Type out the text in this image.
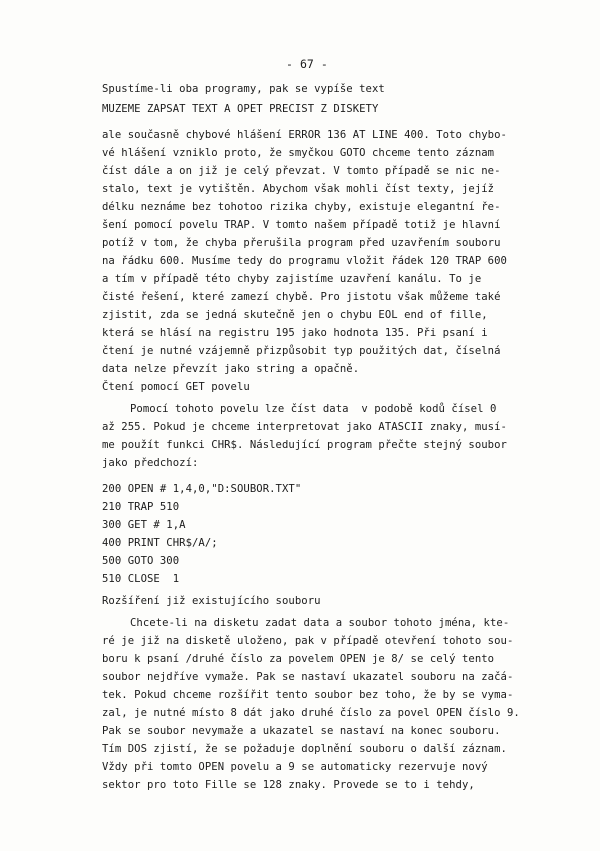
- 67 -
Spustíme-li oba programy, pak se vypíše text
MUZEME ZAPSAT TEXT A OPET PRECIST Z DISKETY
ale současně chybové hlášení ERROR 136 AT LINE 400. Toto chybo-
vé hlášení vzniklo proto, že smyčkou GOTO chceme tento záznam
číst dále a on již je celý převzat. V tomto případě se nic ne-
stalo, text je vytištěn. Abychom však mohli číst texty, jejíž
délku neznáme bez tohotoo rizika chyby, existuje elegantní ře-
šení pomocí povelu TRAP. V tomto našem případě totiž je hlavní
potíž v tom, že chyba přerušila program před uzavřením souboru
na řádku 600. Musíme tedy do programu vložit řádek 120 TRAP 600
a tím v případě této chyby zajistíme uzavření kanálu. To je
čisté řešení, které zamezí chybě. Pro jistotu však můžeme také
zjistit, zda se jedná skutečně jen o chybu EOL end of fille,
která se hlásí na registru 195 jako hodnota 135. Při psaní i
čtení je nutné vzájemně přizpůsobit typ použitých dat, číselná
data nelze převzít jako string a opačně.
Čtení pomocí GET povelu
Pomocí tohoto povelu lze číst data  v podobě kodů čísel 0
až 255. Pokud je chceme interpretovat jako ATASCII znaky, musí-
me použít funkci CHR$. Následující program přečte stejný soubor
jako předchozí:
200 OPEN # 1,4,0,"D:SOUBOR.TXT"
210 TRAP 510
300 GET # 1,A
400 PRINT CHR$/A/;
500 GOTO 300
510 CLOSE  1
Rozšíření již existujícího souboru
Chcete-li na disketu zadat data a soubor tohoto jména, kte-
ré je již na disketě uloženo, pak v případě otevření tohoto sou-
boru k psaní /druhé číslo za povelem OPEN je 8/ se celý tento
soubor nejdříve vymaže. Pak se nastaví ukazatel souboru na začá-
tek. Pokud chceme rozšířit tento soubor bez toho, že by se vyma-
zal, je nutné místo 8 dát jako druhé číslo za povel OPEN číslo 9.
Pak se soubor nevymaže a ukazatel se nastaví na konec souboru.
Tím DOS zjistí, že se požaduje doplnění souboru o další záznam.
Vždy při tomto OPEN povelu a 9 se automaticky rezervuje nový
sektor pro toto Fille se 128 znaky. Provede se to i tehdy,
